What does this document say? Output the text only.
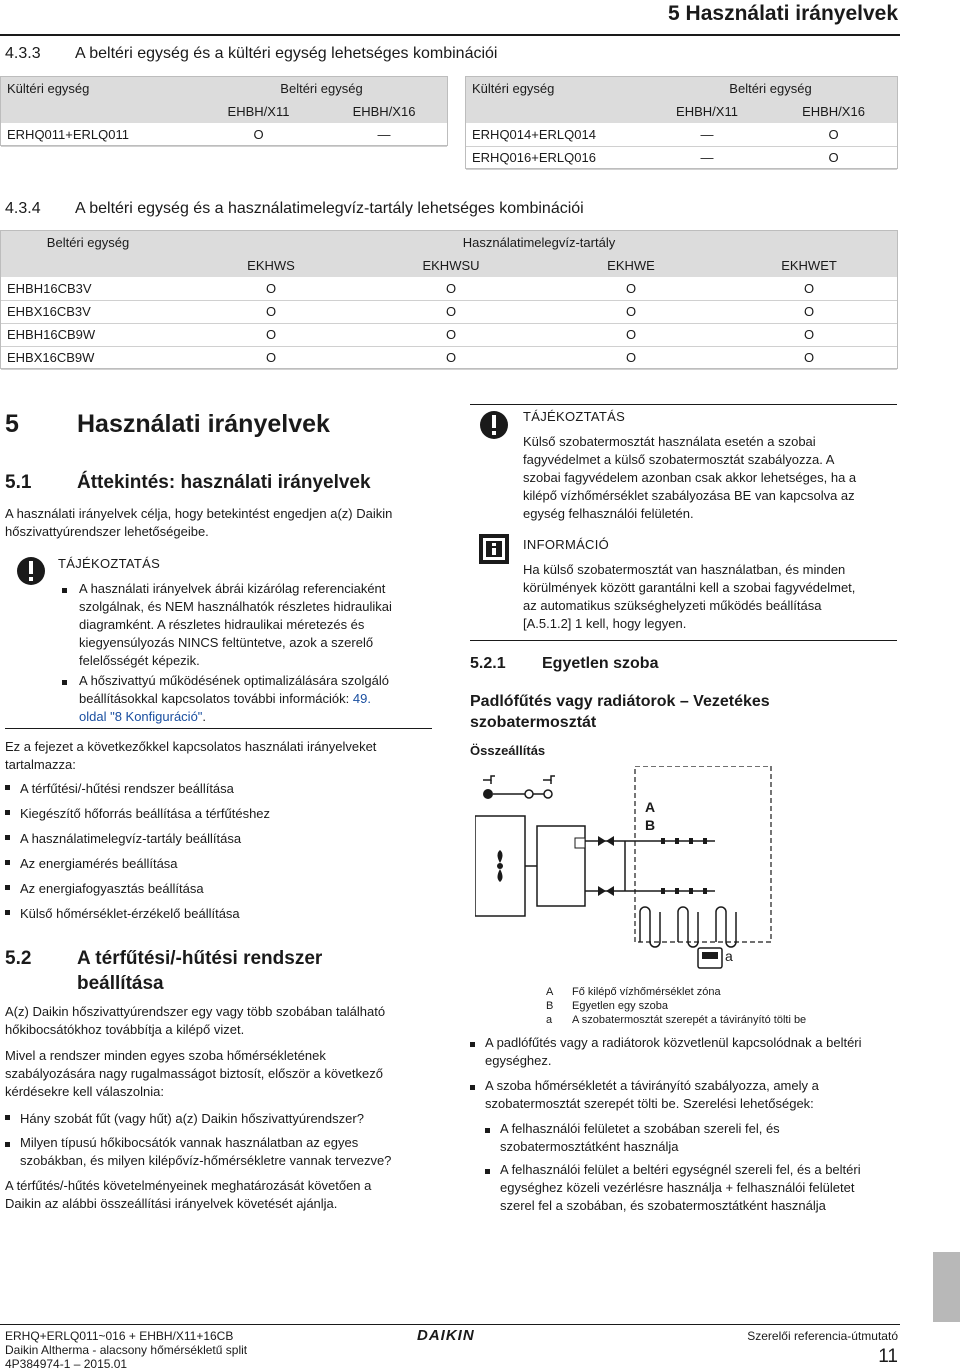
5 Használati irányelvek
4.3.3 A beltéri egység és a kültéri egység lehetséges kombinációi
Kültéri egység	Beltéri egység	
	EHBH/X11	EHBH/X16
ERHQ011+ERLQ011	O	—
Kültéri egység	Beltéri egység	
	EHBH/X11	EHBH/X16
ERHQ014+ERLQ014	—	O
ERHQ016+ERLQ016	—	O
4.3.4 A beltéri egység és a használatimelegvíz-tartály lehetséges kombinációi
Beltéri egység	Használatimelegvíz-tartály			
	EKHWS	EKHWSU	EKHWE	EKHWET
EHBH16CB3V	O	O	O	O
EHBX16CB3V	O	O	O	O
EHBH16CB9W	O	O	O	O
EHBX16CB9W	O	O	O	O
5 Használati irányelvek
5.1 Áttekintés: használati irányelvek
A használati irányelvek célja, hogy betekintést engedjen a(z) Daikin
hőszivattyúrendszer lehetőségeibe.
TÁJÉKOZTATÁS
A használati irányelvek ábrái kizárólag referenciaként
szolgálnak, és NEM használhatók részletes hidraulikai
diagramként. A részletes hidraulikai méretezés és
kiegyensúlyozás NINCS feltüntetve, azok a szerelő
felelősségét képezik.
A hőszivattyú működésének optimalizálására szolgáló
beállításokkal kapcsolatos további információk: 49.
oldal "8 Konfiguráció".
Ez a fejezet a következőkkel kapcsolatos használati irányelveket
tartalmazza:
A térfűtési/-hűtési rendszer beállítása
Kiegészítő hőforrás beállítása a térfűtéshez
A használatimelegvíz-tartály beállítása
Az energiamérés beállítása
Az energiafogyasztás beállítása
Külső hőmérséklet-érzékelő beállítása
5.2 A térfűtési/-hűtési rendszer
beállítása
A(z) Daikin hőszivattyúrendszer egy vagy több szobában található
hőkibocsátókhoz továbbítja a kilépő vizet.
Mivel a rendszer minden egyes szoba hőmérsékletének
szabályozására nagy rugalmasságot biztosít, először a következő
kérdésekre kell válaszolnia:
Hány szobát fűt (vagy hűt) a(z) Daikin hőszivattyúrendszer?
Milyen típusú hőkibocsátók vannak használatban az egyes
szobákban, és milyen kilépővíz-hőmérsékletre vannak tervezve?
A térfűtés/-hűtés követelményeinek meghatározását követően a
Daikin az alábbi összeállítási irányelvek követését ajánlja.
TÁJÉKOZTATÁS
Külső szobatermosztát használata esetén a szobai
fagyvédelmet a külső szobatermosztát szabályozza. A
szobai fagyvédelem azonban csak akkor lehetséges, ha a
kilépő vízhőmérséklet szabályozása BE van kapcsolva az
egység felhasználói felületén.
INFORMÁCIÓ
Ha külső szobatermosztát van használatban, és minden
körülmények között garantálni kell a szobai fagyvédelmet,
az automatikus szükséghelyzeti működés beállítása
[A.5.1.2] 1 kell, hogy legyen.
5.2.1 Egyetlen szoba
Padlófűtés vagy radiátorok – Vezetékes
szobatermosztát
Összeállítás
A
B
a
A Fő kilépő vízhőmérséklet zóna
B Egyetlen egy szoba
a A szobatermosztát szerepét a távirányító tölti be
A padlófűtés vagy a radiátorok közvetlenül kapcsolódnak a beltéri
egységhez.
A szoba hőmérsékletét a távirányító szabályozza, amely a
szobatermosztát szerepét tölti be. Szerelési lehetőségek:
A felhasználói felületet a szobában szereli fel, és
szobatermosztátként használja
A felhasználói felület a beltéri egységnél szereli fel, és a beltéri
egységhez közeli vezérlésre használja + felhasználói felületet
szerel fel a szobában, és szobatermosztátként használja
ERHQ+ERLQ011~016 + EHBH/X11+16CB
Daikin Altherma - alacsony hőmérsékletű split
4P384974-1 – 2015.01
DAIKIN	Szerelői referencia-útmutató
11
